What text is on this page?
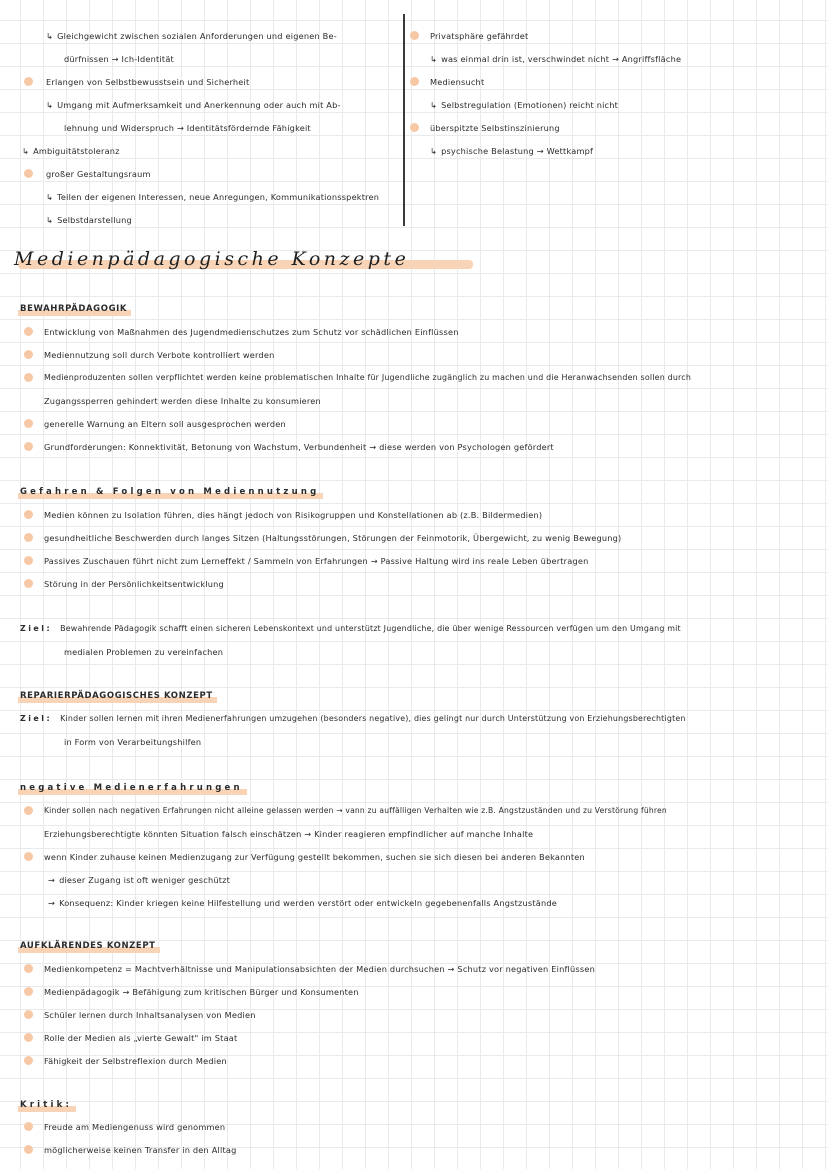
↳ Gleichgewicht zwischen sozialen Anforderungen und eigenen Be-
dürfnissen → Ich-Identität
Erlangen von Selbstbewusstsein und Sicherheit
↳ Umgang mit Aufmerksamkeit und Anerkennung oder auch mit Ab-
lehnung und Widerspruch → Identitätsfördernde Fähigkeit
↳ Ambiguitätstoleranz
großer Gestaltungsraum
↳ Teilen der eigenen Interessen, neue Anregungen, Kommunikationsspektren
↳ Selbstdarstellung
Privatsphäre gefährdet
↳ was einmal drin ist, verschwindet nicht → Angriffsfläche
Mediensucht
↳ Selbstregulation (Emotionen) reicht nicht
überspitzte Selbstinszinierung
↳ psychische Belastung → Wettkampf
Medienpädagogische Konzepte
BEWAHRPÄDAGOGIK
Entwicklung von Maßnahmen des Jugendmedienschutzes zum Schutz vor schädlichen Einflüssen
Mediennutzung soll durch Verbote kontrolliert werden
Medienproduzenten sollen verpflichtet werden keine problematischen Inhalte für Jugendliche zugänglich zu machen und die Heranwachsenden sollen durch
Zugangssperren gehindert werden diese Inhalte zu konsumieren
generelle Warnung an Eltern soll ausgesprochen werden
Grundforderungen: Konnektivität, Betonung von Wachstum, Verbundenheit → diese werden von Psychologen gefördert
Gefahren & Folgen von Mediennutzung
Medien können zu Isolation führen, dies hängt jedoch von Risikogruppen und Konstellationen ab (z.B. Bildermedien)
gesundheitliche Beschwerden durch langes Sitzen (Haltungsstörungen, Störungen der Feinmotorik, Übergewicht, zu wenig Bewegung)
Passives Zuschauen führt nicht zum Lerneffekt / Sammeln von Erfahrungen → Passive Haltung wird ins reale Leben übertragen
Störung in der Persönlichkeitsentwicklung
Ziel: Bewahrende Pädagogik schafft einen sicheren Lebenskontext und unterstützt Jugendliche, die über wenige Ressourcen verfügen um den Umgang mit
medialen Problemen zu vereinfachen
REPARIERPÄDAGOGISCHES KONZEPT
Ziel: Kinder sollen lernen mit ihren Medienerfahrungen umzugehen (besonders negative), dies gelingt nur durch Unterstützung von Erziehungsberechtigten
in Form von Verarbeitungshilfen
negative Medienerfahrungen
Kinder sollen nach negativen Erfahrungen nicht alleine gelassen werden → vann zu auffälligen Verhalten wie z.B. Angstzuständen und zu Verstörung führen
Erziehungsberechtigte könnten Situation falsch einschätzen → Kinder reagieren empfindlicher auf manche Inhalte
wenn Kinder zuhause keinen Medienzugang zur Verfügung gestellt bekommen, suchen sie sich diesen bei anderen Bekannten
→ dieser Zugang ist oft weniger geschützt
→ Konsequenz: Kinder kriegen keine Hilfestellung und werden verstört oder entwickeln gegebenenfalls Angstzustände
AUFKLÄRENDES KONZEPT
Medienkompetenz = Machtverhältnisse und Manipulationsabsichten der Medien durchsuchen → Schutz vor negativen Einflüssen
Medienpädagogik → Befähigung zum kritischen Bürger und Konsumenten
Schüler lernen durch Inhaltsanalysen von Medien
Rolle der Medien als „vierte Gewalt" im Staat
Fähigkeit der Selbstreflexion durch Medien
Kritik:
Freude am Mediengenuss wird genommen
möglicherweise keinen Transfer in den Alltag
